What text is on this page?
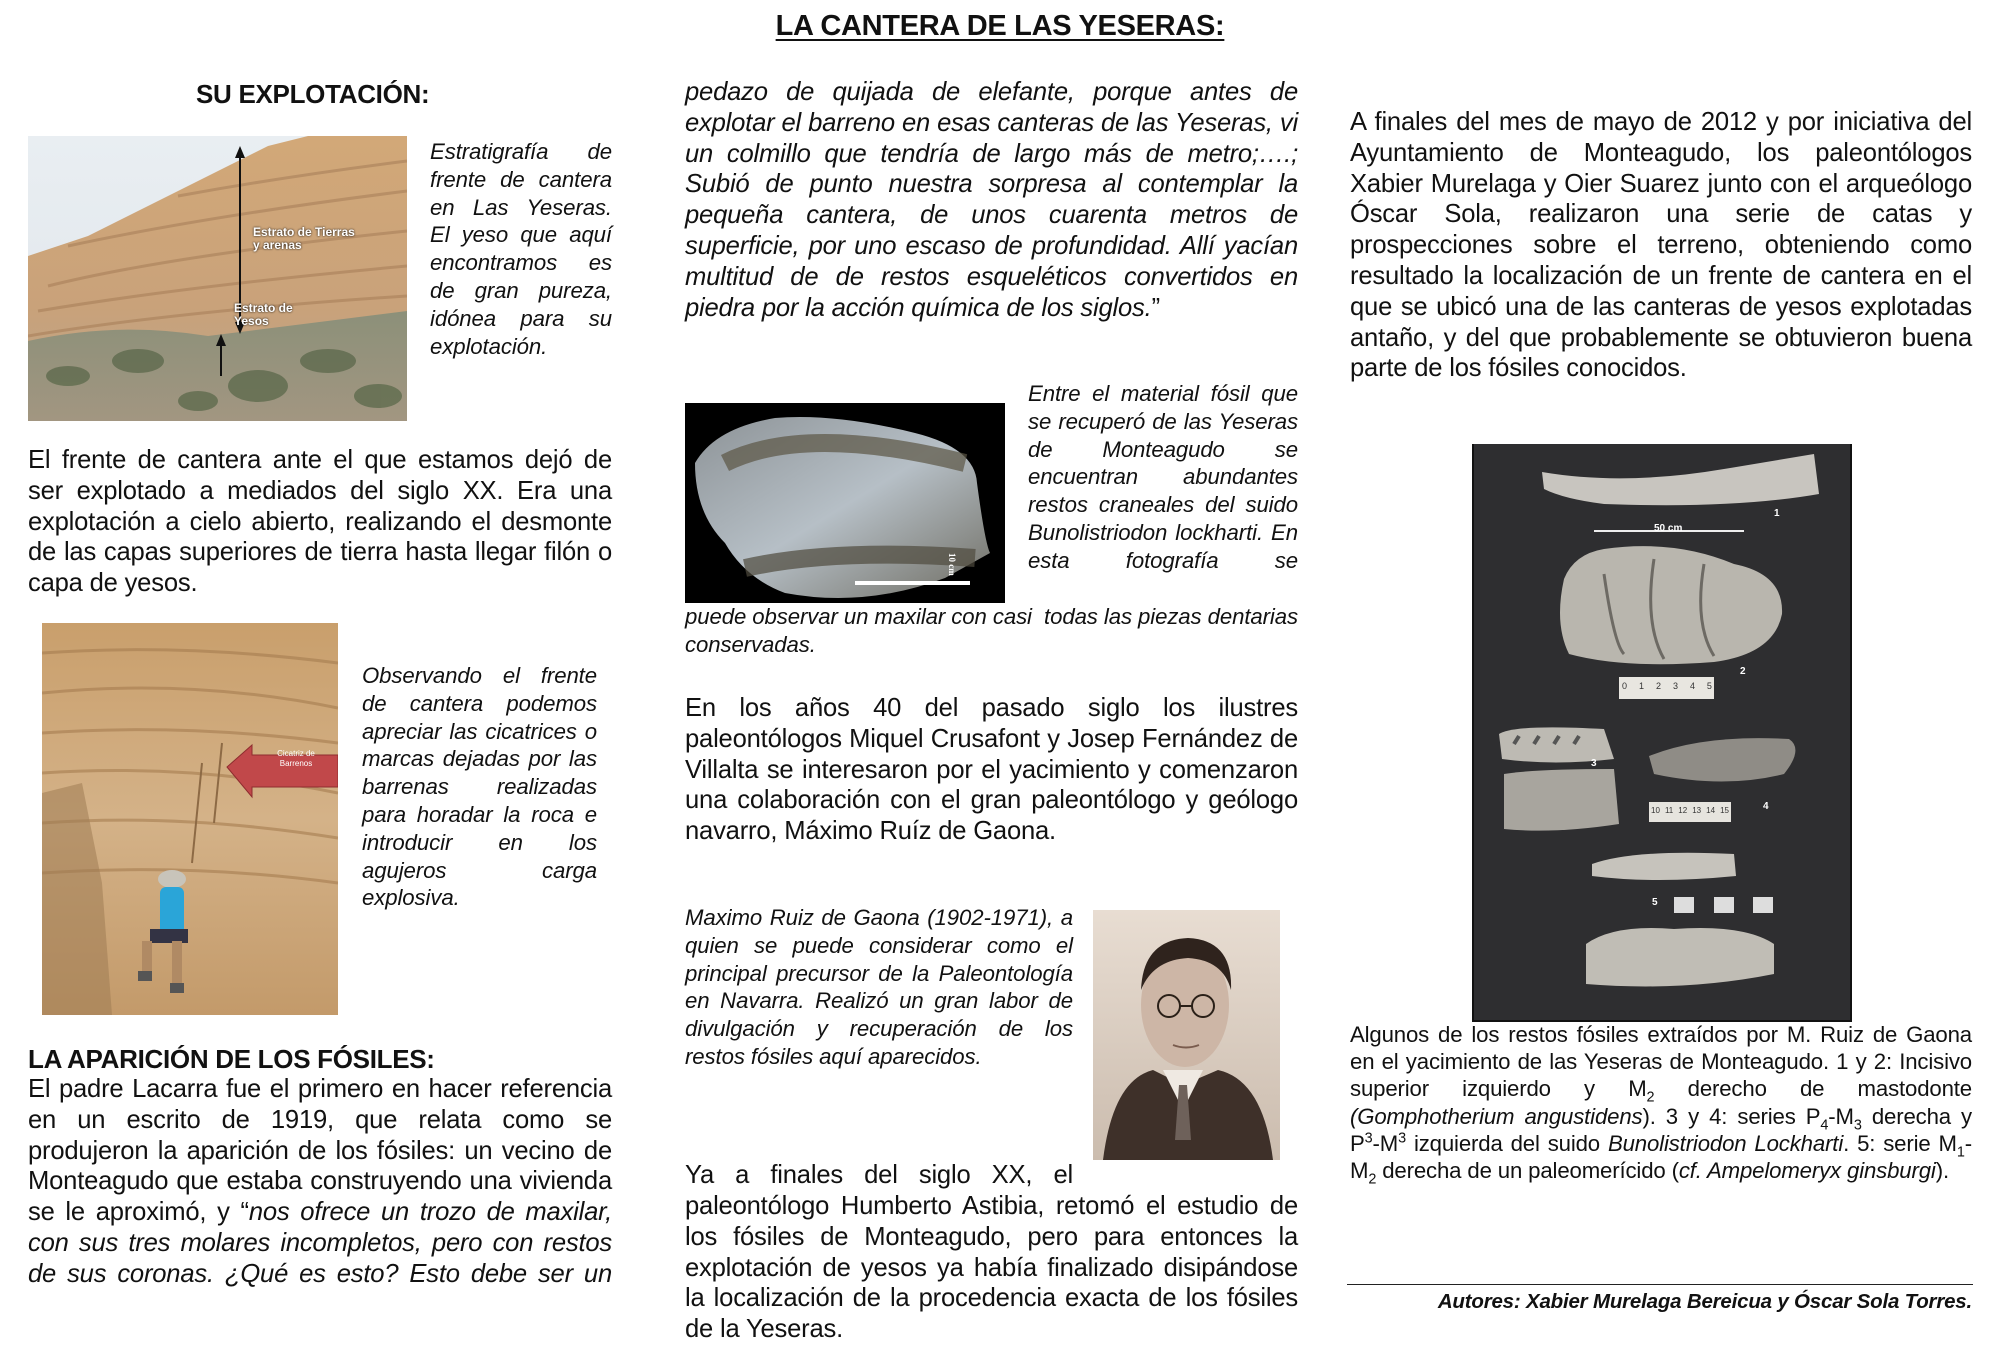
LA CANTERA DE LAS YESERAS:
SU EXPLOTACIÓN:
Estrato de Tierras
y arenas
Estrato de
Yesos

Estratigrafía de frente de cantera en Las Yeseras. El yeso que aquí encontramos es de gran pureza, idónea para su explotación.

El frente de cantera ante el que estamos dejó de ser explotado a mediados del siglo XX. Era una explotación a cielo abierto, realizando el desmonte de las capas superiores de tierra hasta llegar filón o capa de yesos.

Cicatriz de
Barrenos

Observando el frente de cantera podemos apreciar las cicatrices o marcas dejadas por las barrenas realizadas para horadar la roca e introducir en los agujeros carga explosiva.

LA APARICIÓN DE LOS FÓSILES:

El padre Lacarra fue el primero en hacer referencia en un escrito de 1919, que relata como se produjeron la aparición de los fósiles: un vecino de Monteagudo que estaba construyendo una vivienda se le aproximó, y “nos ofrece un trozo de maxilar, con sus tres molares incompletos, pero con restos de sus coronas. ¿Qué es esto? Esto debe ser un

pedazo de quijada de elefante, porque antes de explotar el barreno en esas canteras de las Yeseras, vi un colmillo que tendría de largo más de metro;….; Subió de punto nuestra sorpresa al contemplar la pequeña cantera, de unos cuarenta metros de superficie, por uno escaso de profundidad. Allí yacían multitud de de restos esqueléticos convertidos en piedra por la acción química de los siglos.”

10 cm

Entre el material fósil que se recuperó de las Yeseras de Monteagudo se encuentran abundantes restos craneales del suido Bunolistriodon lockharti. En esta fotografía se

puede observar un maxilar con casi  todas las piezas dentarias  conservadas.

En los años 40 del pasado siglo los ilustres paleontólogos Miquel Crusafont y Josep Fernández de Villalta se interesaron por el yacimiento y comenzaron una colaboración con el gran paleontólogo y geólogo navarro, Máximo Ruíz de Gaona.

Maximo Ruiz de Gaona (1902-1971), a quien se puede considerar como el principal precursor de la Paleontología en Navarra. Realizó un gran labor de divulgación y recuperación de los restos fósiles aquí aparecidos.

Ya a finales del siglo XX, el

paleontólogo Humberto Astibia, retomó el estudio de los fósiles de Monteagudo, pero para entonces la explotación de yesos ya había finalizado disipándose la localización de la procedencia exacta de los fósiles de la Yeseras.

A finales del mes de mayo de 2012 y por iniciativa del Ayuntamiento de Monteagudo, los paleontólogos Xabier Murelaga y Oier Suarez junto con el arqueólogo Óscar Sola, realizaron una serie de catas y prospecciones sobre el terreno, obteniendo como resultado la localización de un frente de cantera en el que se ubicó una de las canteras de yesos explotadas antaño, y del que probablemente se obtuvieron buena parte de los fósiles conocidos.

50 cm
1
2
3
4
5
0 1 2 3 4 5
10 11 12 13 14 15

Algunos de los restos fósiles extraídos por M. Ruiz de Gaona en el yacimiento de las Yeseras de Monteagudo. 1 y 2: Incisivo superior izquierdo y $M_2$ derecho de mastodonte (Gomphotherium angustidens). 3 y 4: series $P_4-M_3$ derecha y $P^3-M^3$ izquierda del suido Bunolistriodon Lockharti. 5: serie $M_1-M_2$ derecha de un paleomerícido (cf. Ampelomeryx ginsburgi).

Autores: Xabier Murelaga Bereicua y Óscar Sola Torres.
